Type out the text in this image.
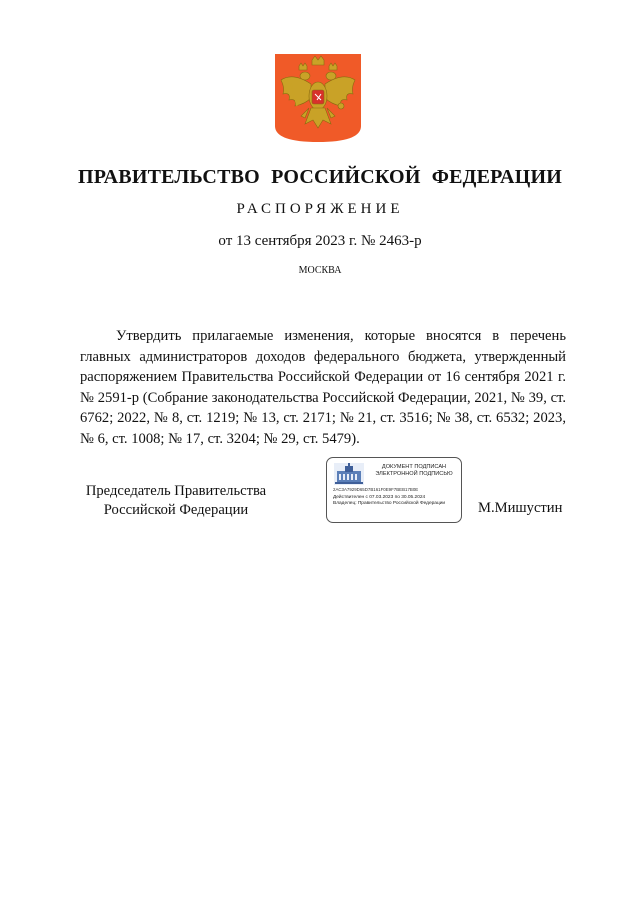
ПРАВИТЕЛЬСТВО РОССИЙСКОЙ ФЕДЕРАЦИИ
РАСПОРЯЖЕНИЕ
от 13 сентября 2023 г. № 2463-р
МОСКВА

Утвердить прилагаемые изменения, которые вносятся в перечень главных администраторов доходов федерального бюджета, утвержденный распоряжением Правительства Российской Федерации от 16 сентября 2021 г. № 2591-р (Собрание законодательства Российской Федерации, 2021, № 39, ст. 6762; 2022, № 8, ст. 1219; № 13, ст. 2171; № 21, ст. 3516; № 38, ст. 6532; 2023, № 6, ст. 1008; № 17, ст. 3204; № 29, ст. 5479).

Председатель Правительства
Российской Федерации
ДОКУМЕНТ ПОДПИСАН
ЭЛЕКТРОННОЙ ПОДПИСЬЮ
2AC3A7929D65D7B161F0E9F7BEB17B0E
Действителен с 07.03.2023 по 30.05.2024
Владелец: Правительство Российской Федерации	М.Мишустин
